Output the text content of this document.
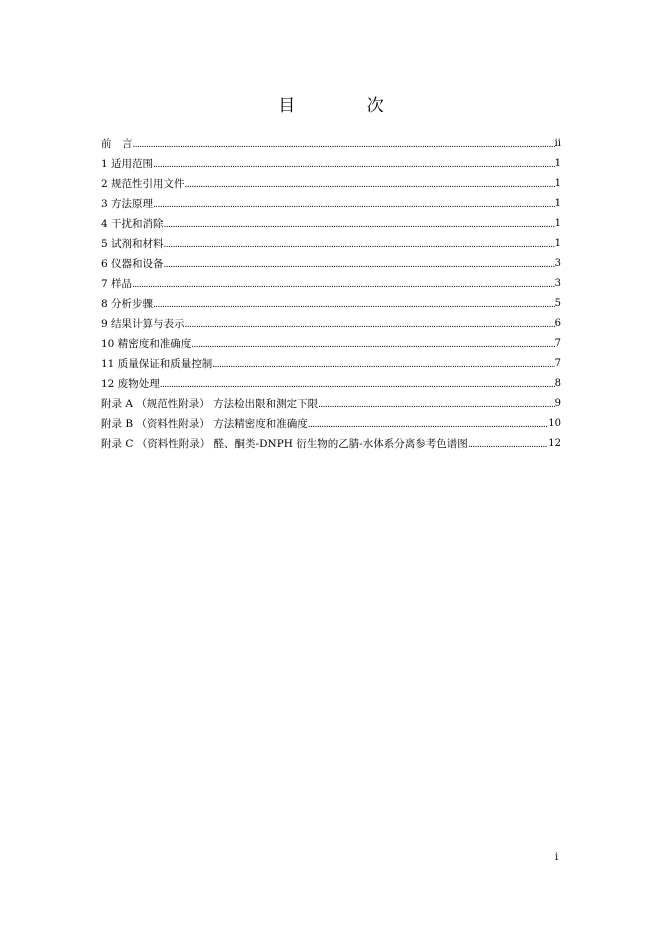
目 次
前　言 .....	ii
1 适用范围 .....	1
2 规范性引用文件 .....	1
3 方法原理 .....	1
4 干扰和消除 .....	1
5 试剂和材料 .....	1
6 仪器和设备 .....	3
7 样品 .....	3
8 分析步骤 .....	5
9 结果计算与表示 .....	6
10 精密度和准确度 .....	7
11 质量保证和质量控制 .....	7
12 废物处理 .....	8
附录 A （规范性附录） 方法检出限和测定下限 .....	9
附录 B （资料性附录） 方法精密度和准确度 .....	10
附录 C （资料性附录） 醛、酮类-DNPH 衍生物的乙腈-水体系分离参考色谱图 .....	12
i
